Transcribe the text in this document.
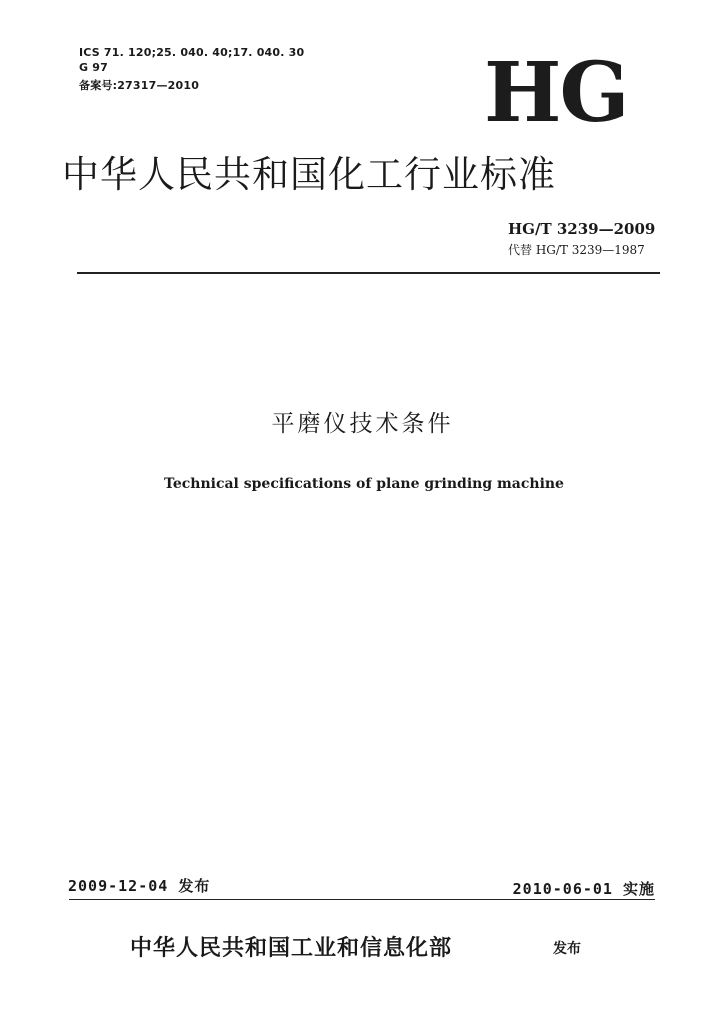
ICS 71. 120;25. 040. 40;17. 040. 30
G 97
备案号:27317—2010	HG
中华人民共和国化工行业标准
HG/T 3239—2009
代替 HG/T 3239—1987
平磨仪技术条件
Technical specifications of plane grinding machine
2009-12-04 发布	2010-06-01 实施
中华人民共和国工业和信息化部	发布
